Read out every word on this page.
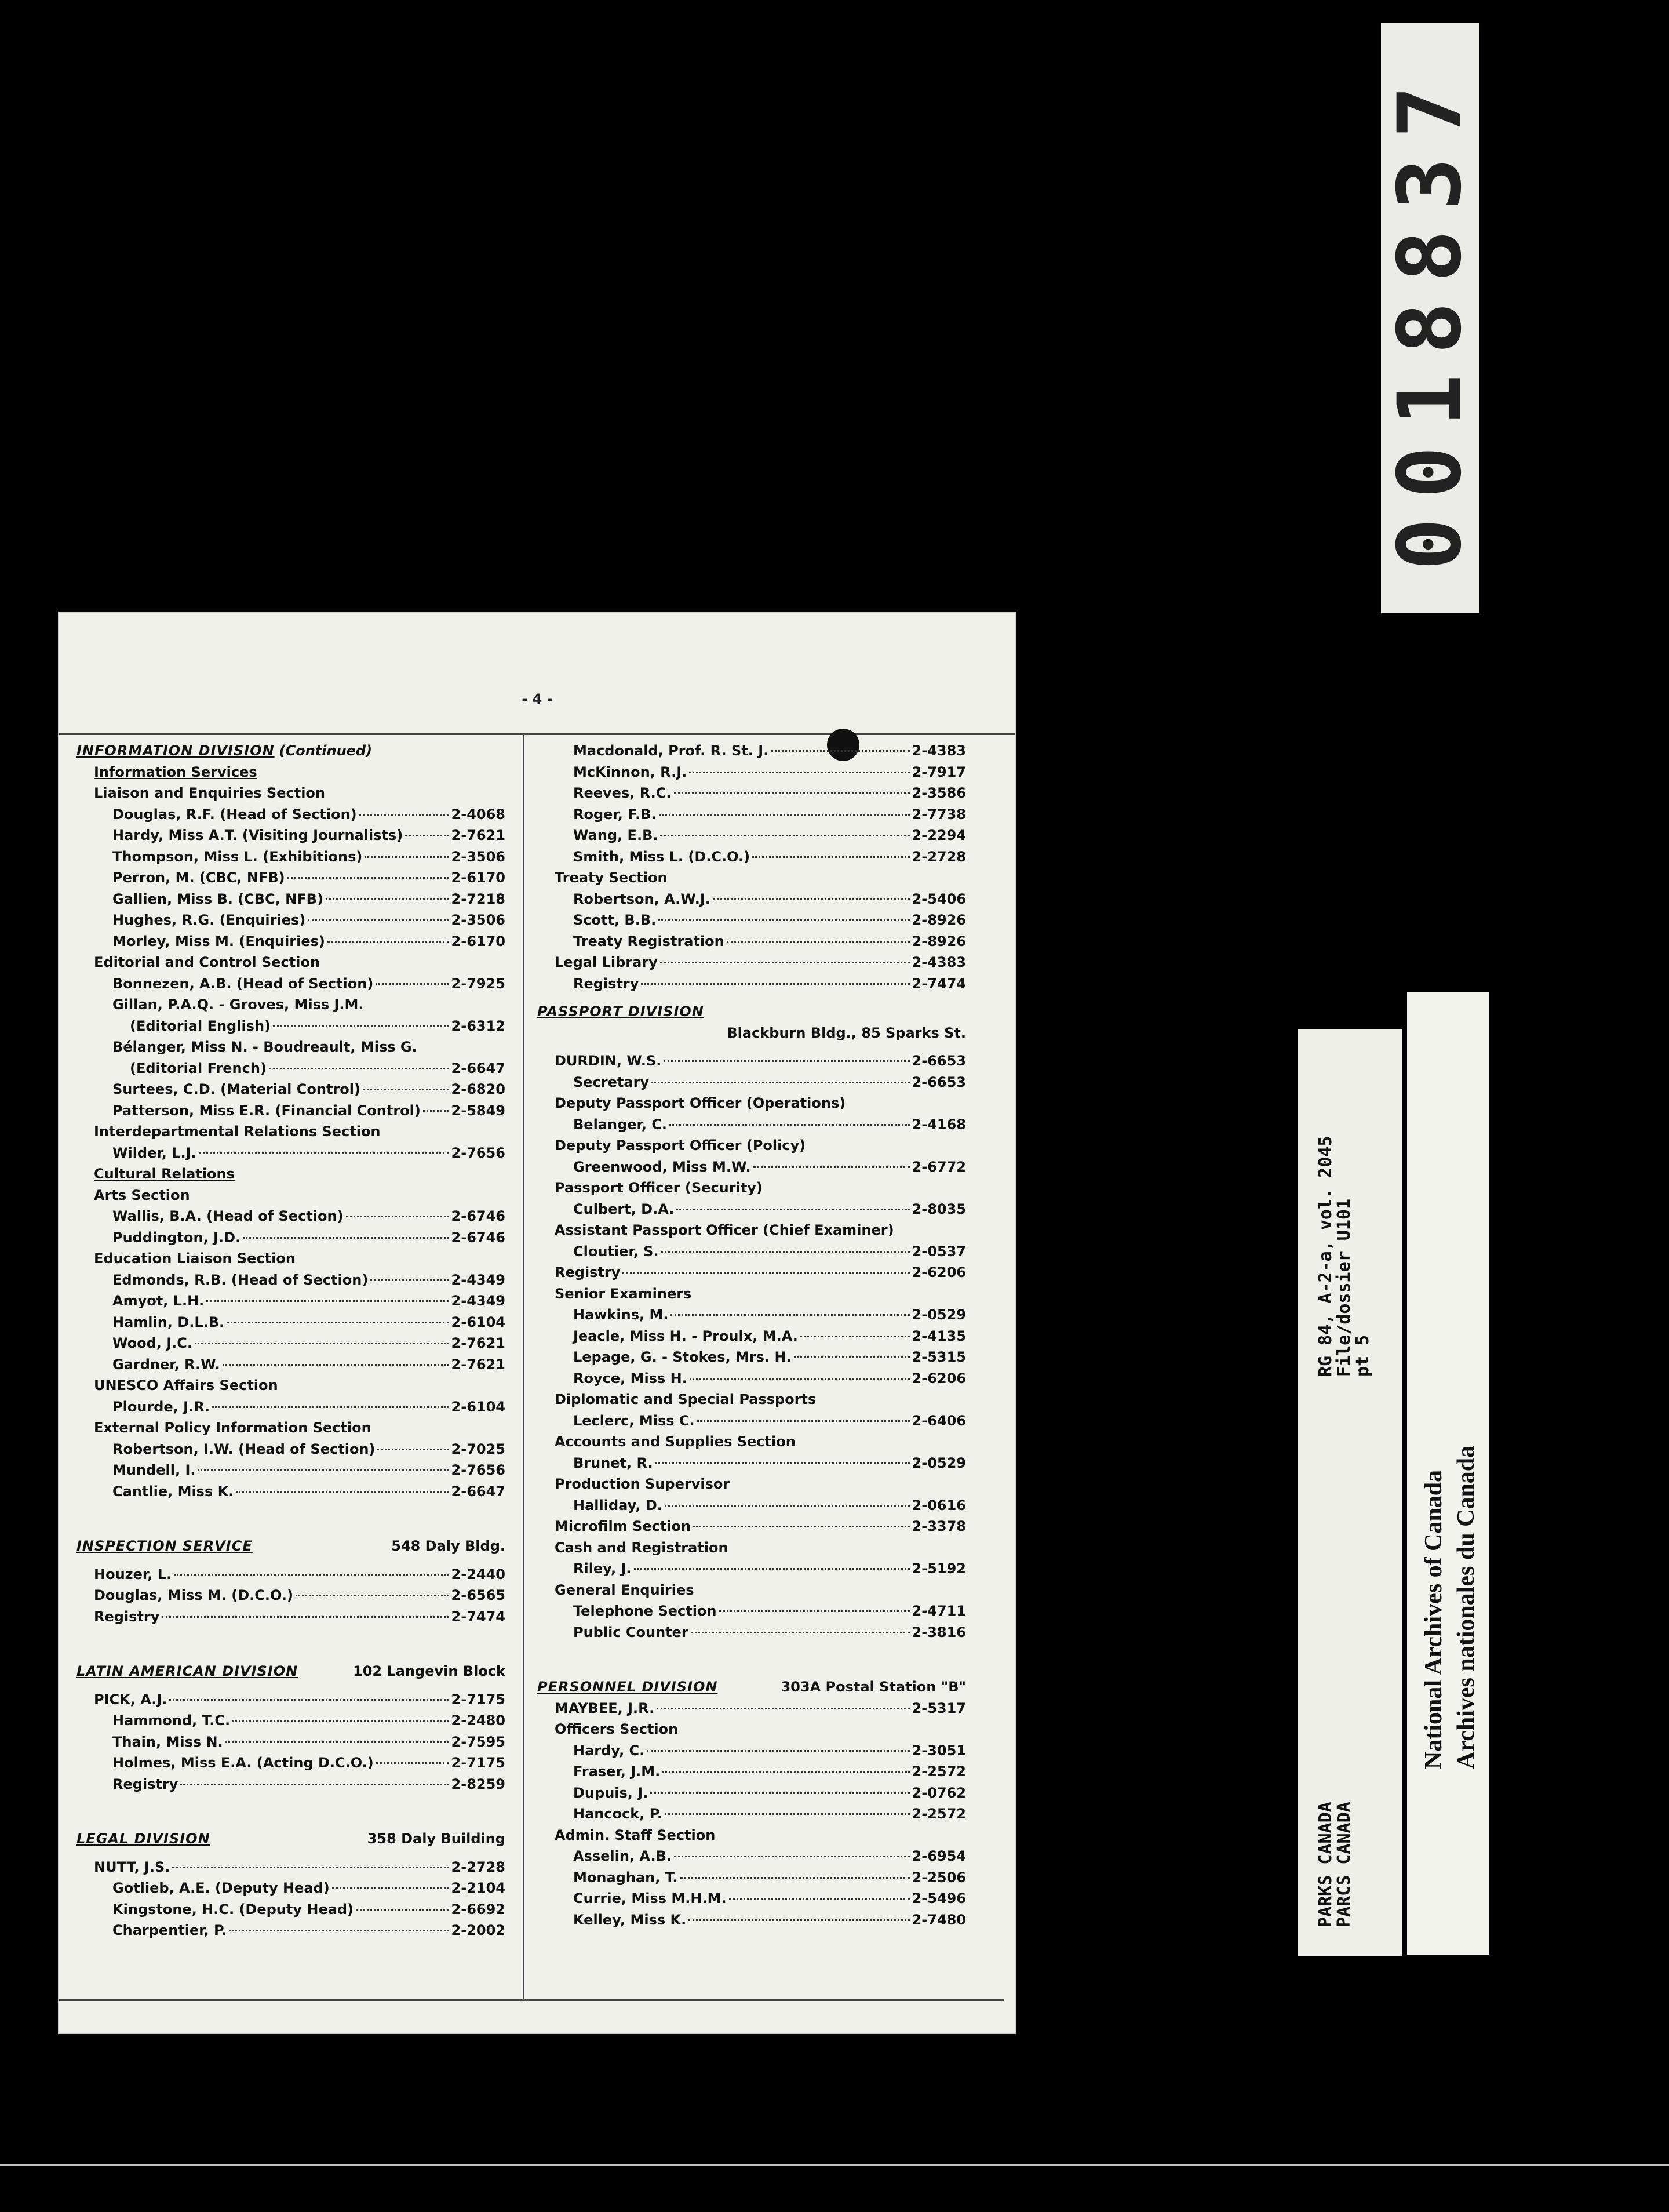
- 4 -
INFORMATION DIVISION (Continued)
Information Services
Liaison and Enquiries Section
Douglas, R.F. (Head of Section)	2-4068
Hardy, Miss A.T. (Visiting Journalists)	2-7621
Thompson, Miss L. (Exhibitions)	2-3506
Perron, M. (CBC, NFB)	2-6170
Gallien, Miss B. (CBC, NFB)	2-7218
Hughes, R.G. (Enquiries)	2-3506
Morley, Miss M. (Enquiries)	2-6170
Editorial and Control Section
Bonnezen, A.B. (Head of Section)	2-7925
Gillan, P.A.Q. - Groves, Miss J.M.
(Editorial English)	2-6312
Bélanger, Miss N. - Boudreault, Miss G.
(Editorial French)	2-6647
Surtees, C.D. (Material Control)	2-6820
Patterson, Miss E.R. (Financial Control) 2-5849
Interdepartmental Relations Section
Wilder, L.J.	2-7656
Cultural Relations
Arts Section
Wallis, B.A. (Head of Section)	2-6746
Puddington, J.D.	2-6746
Education Liaison Section
Edmonds, R.B. (Head of Section)	2-4349
Amyot, L.H.	2-4349
Hamlin, D.L.B.	2-6104
Wood, J.C.	2-7621
Gardner, R.W.	2-7621
UNESCO Affairs Section
Plourde, J.R.	2-6104
External Policy Information Section
Robertson, I.W. (Head of Section)	2-7025
Mundell, I.	2-7656
Cantlie, Miss K.	2-6647
INSPECTION SERVICE	548 Daly Bldg.
Houzer, L.	2-2440
Douglas, Miss M. (D.C.O.)	2-6565
Registry	2-7474
LATIN AMERICAN DIVISION	102 Langevin Block
PICK, A.J.	2-7175
Hammond, T.C.	2-2480
Thain, Miss N.	2-7595
Holmes, Miss E.A. (Acting D.C.O.)	2-7175
Registry	2-8259
LEGAL DIVISION	358 Daly Building
NUTT, J.S.	2-2728
Gotlieb, A.E. (Deputy Head)	2-2104
Kingstone, H.C. (Deputy Head)	2-6692
Charpentier, P.	2-2002
Macdonald, Prof. R. St. J.	2-4383
McKinnon, R.J.	2-7917
Reeves, R.C.	2-3586
Roger, F.B.	2-7738
Wang, E.B.	2-2294
Smith, Miss L. (D.C.O.)	2-2728
Treaty Section
Robertson, A.W.J.	2-5406
Scott, B.B.	2-8926
Treaty Registration	2-8926
Legal Library	2-4383
Registry	2-7474
PASSPORT DIVISION
Blackburn Bldg., 85 Sparks St.
DURDIN, W.S.	2-6653
Secretary	2-6653
Deputy Passport Officer (Operations)
Belanger, C.	2-4168
Deputy Passport Officer (Policy)
Greenwood, Miss M.W.	2-6772
Passport Officer (Security)
Culbert, D.A.	2-8035
Assistant Passport Officer (Chief Examiner)
Cloutier, S.	2-0537
Registry	2-6206
Senior Examiners
Hawkins, M.	2-0529
Jeacle, Miss H. - Proulx, M.A.	2-4135
Lepage, G. - Stokes, Mrs. H.	2-5315
Royce, Miss H.	2-6206
Diplomatic and Special Passports
Leclerc, Miss C.	2-6406
Accounts and Supplies Section
Brunet, R.	2-0529
Production Supervisor
Halliday, D.	2-0616
Microfilm Section	2-3378
Cash and Registration
Riley, J.	2-5192
General Enquiries
Telephone Section	2-4711
Public Counter	2-3816
PERSONNEL DIVISION	303A Postal Station "B"
MAYBEE, J.R.	2-5317
Officers Section
Hardy, C.	2-3051
Fraser, J.M.	2-2572
Dupuis, J.	2-0762
Hancock, P.	2-2572
Admin. Staff Section
Asselin, A.B.	2-6954
Monaghan, T.	2-2506
Currie, Miss M.H.M.	2-5496
Kelley, Miss K.	2-7480
0018837
PARKS CANADA
PARCS CANADA
RG 84, A-2-a, vol. 2045
File/dossier U101
pt 5
National Archives of Canada Archives nationales du Canada
